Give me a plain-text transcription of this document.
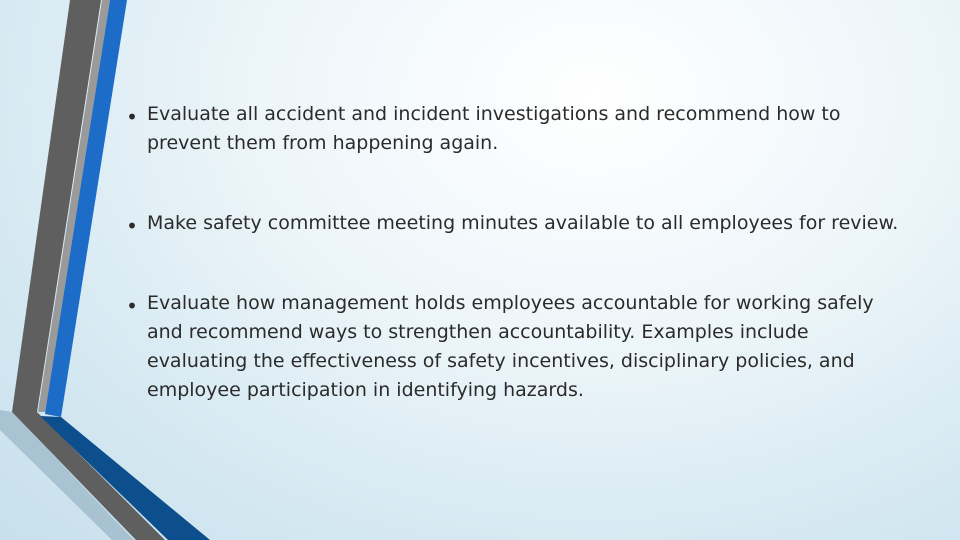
• Evaluate all accident and incident investigations and recommend how to prevent them from happening again.
• Make safety committee meeting minutes available to all employees for review.
• Evaluate how management holds employees accountable for working safely and recommend ways to strengthen accountability. Examples include evaluating the effectiveness of safety incentives, disciplinary policies, and employee participation in identifying hazards.
